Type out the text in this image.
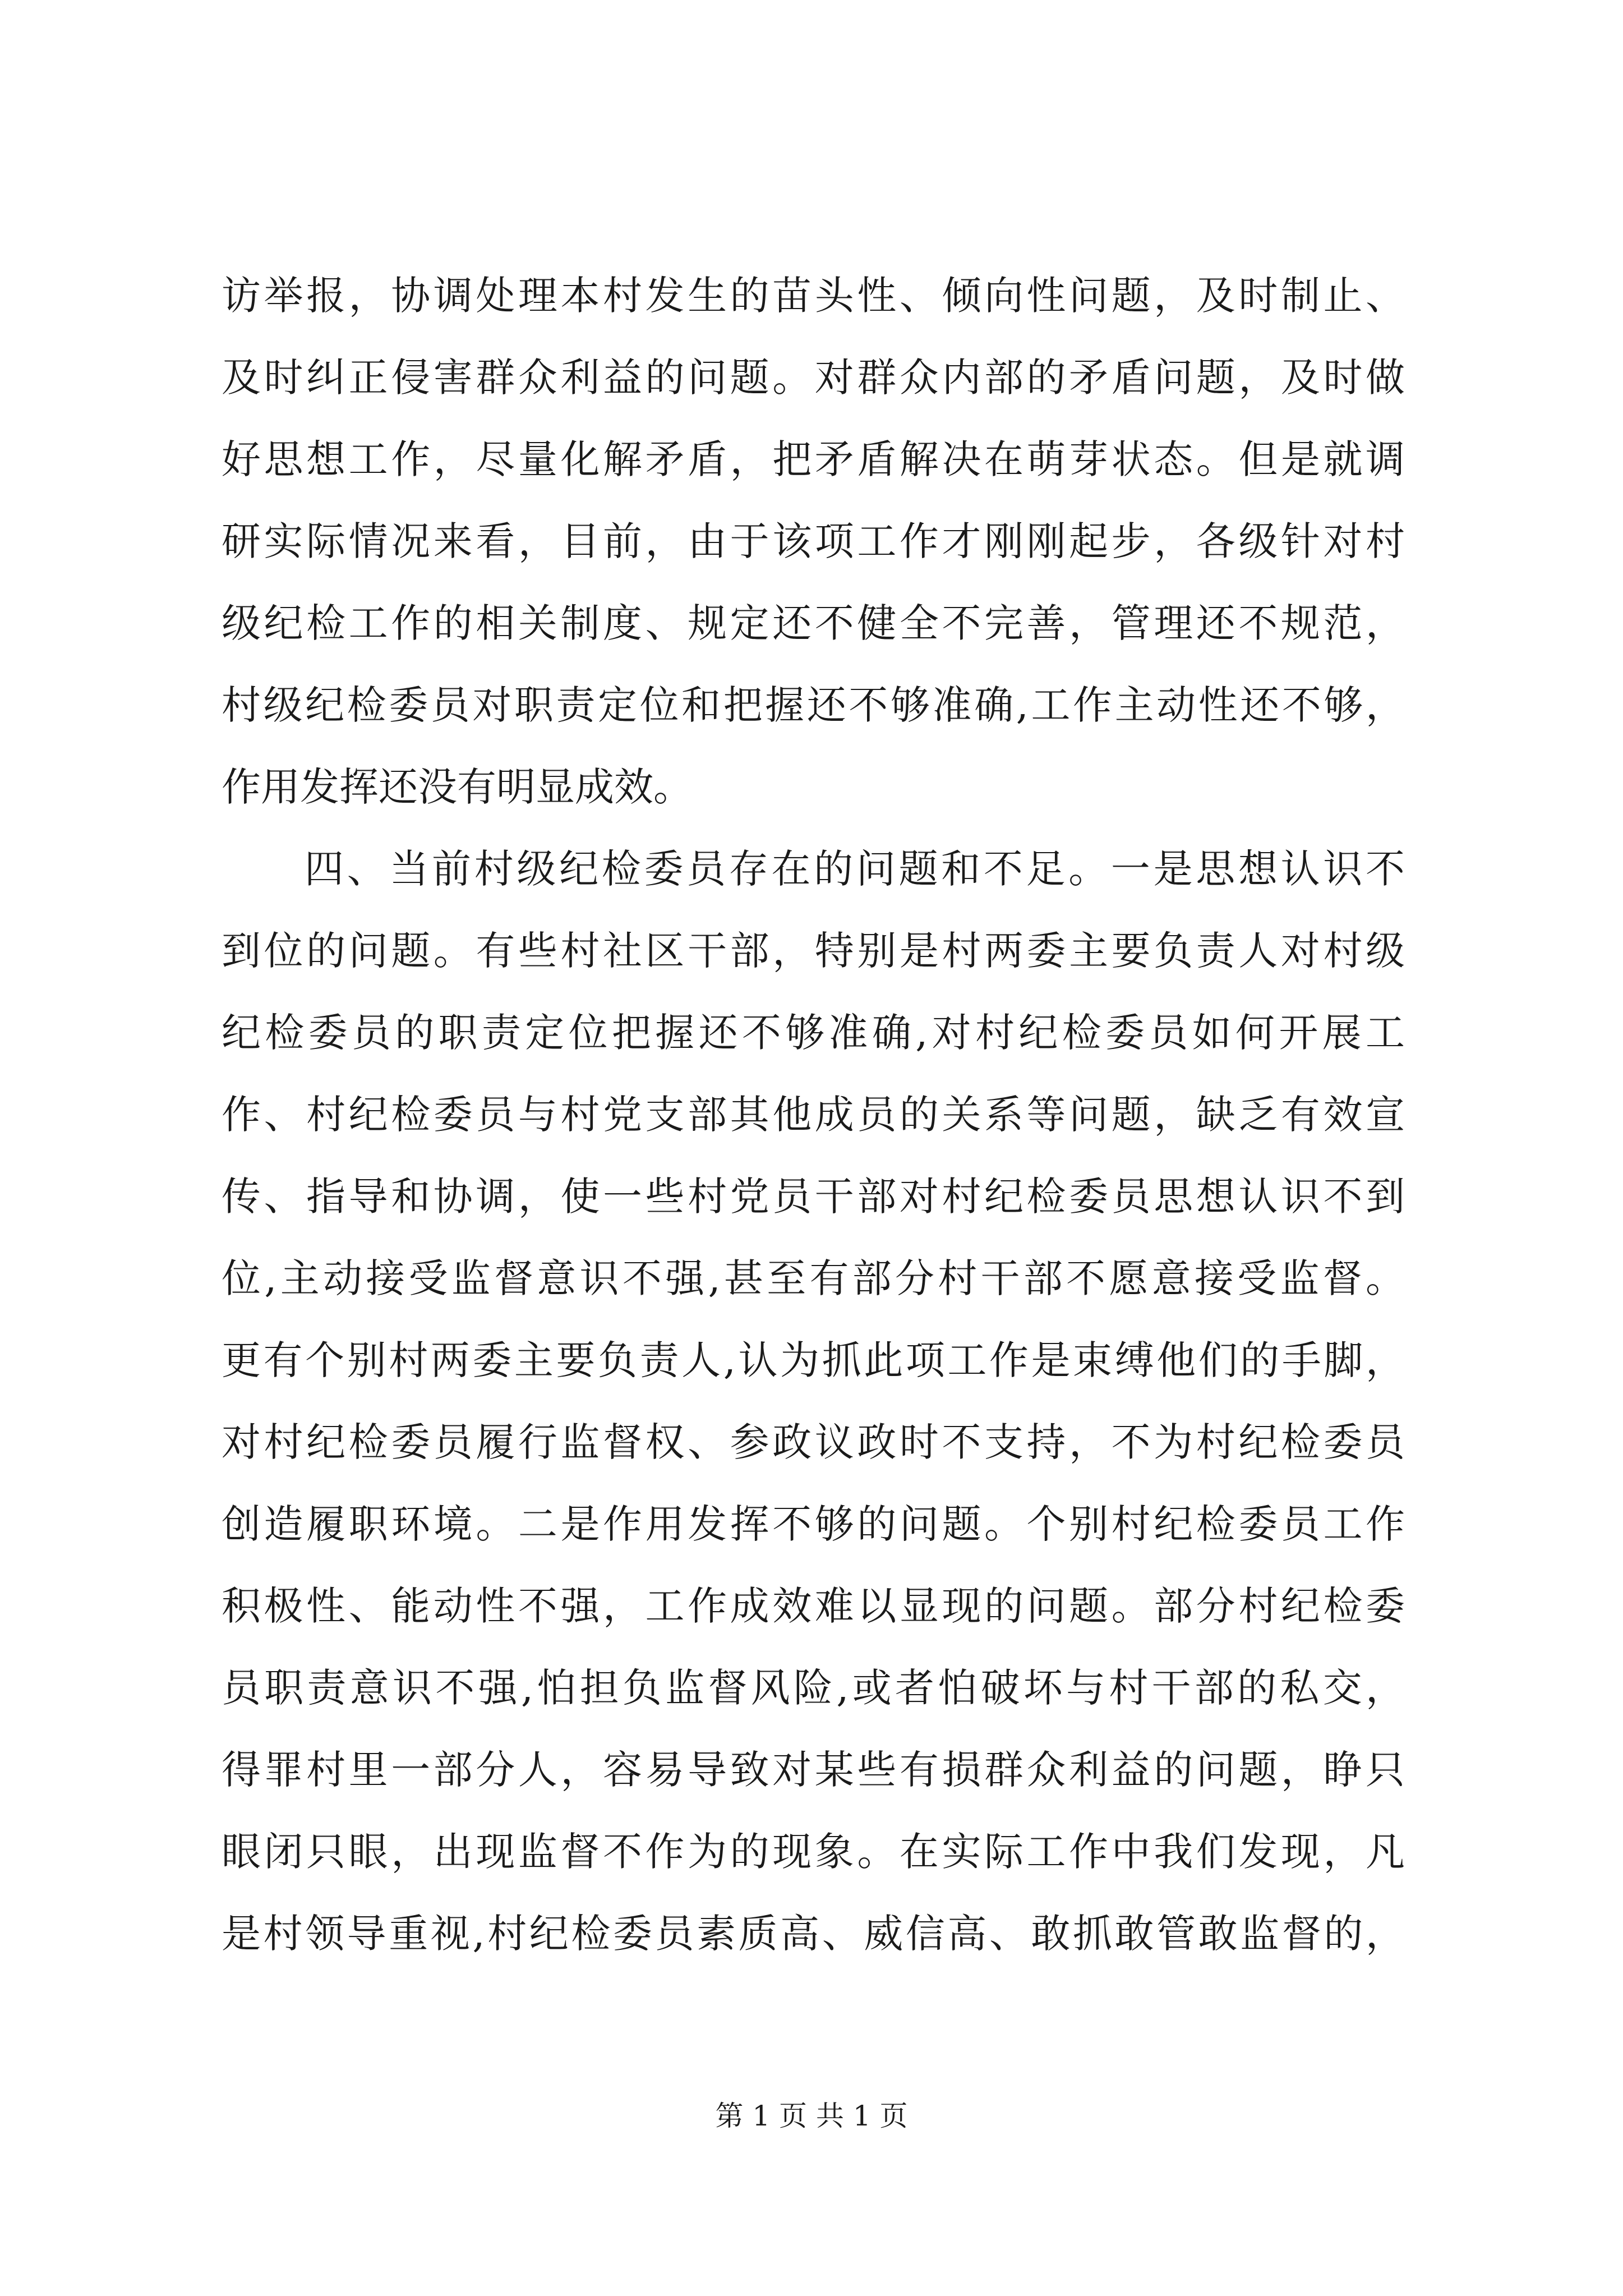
访举报，协调处理本村发生的苗头性、倾向性问题，及时制止、
及时纠正侵害群众利益的问题。对群众内部的矛盾问题，及时做
好思想工作，尽量化解矛盾，把矛盾解决在萌芽状态。但是就调
研实际情况来看，目前，由于该项工作才刚刚起步，各级针对村
级纪检工作的相关制度、规定还不健全不完善，管理还不规范，
村级纪检委员对职责定位和把握还不够准确,工作主动性还不够，
作用发挥还没有明显成效。
四、当前村级纪检委员存在的问题和不足。一是思想认识不
到位的问题。有些村社区干部，特别是村两委主要负责人对村级
纪检委员的职责定位把握还不够准确,对村纪检委员如何开展工
作、村纪检委员与村党支部其他成员的关系等问题，缺乏有效宣
传、指导和协调，使一些村党员干部对村纪检委员思想认识不到
位,主动接受监督意识不强,甚至有部分村干部不愿意接受监督。
更有个别村两委主要负责人,认为抓此项工作是束缚他们的手脚，
对村纪检委员履行监督权、参政议政时不支持，不为村纪检委员
创造履职环境。二是作用发挥不够的问题。个别村纪检委员工作
积极性、能动性不强，工作成效难以显现的问题。部分村纪检委
员职责意识不强,怕担负监督风险,或者怕破坏与村干部的私交，
得罪村里一部分人，容易导致对某些有损群众利益的问题，睁只
眼闭只眼，出现监督不作为的现象。在实际工作中我们发现，凡
是村领导重视,村纪检委员素质高、威信高、敢抓敢管敢监督的，
第 1 页 共 1 页
